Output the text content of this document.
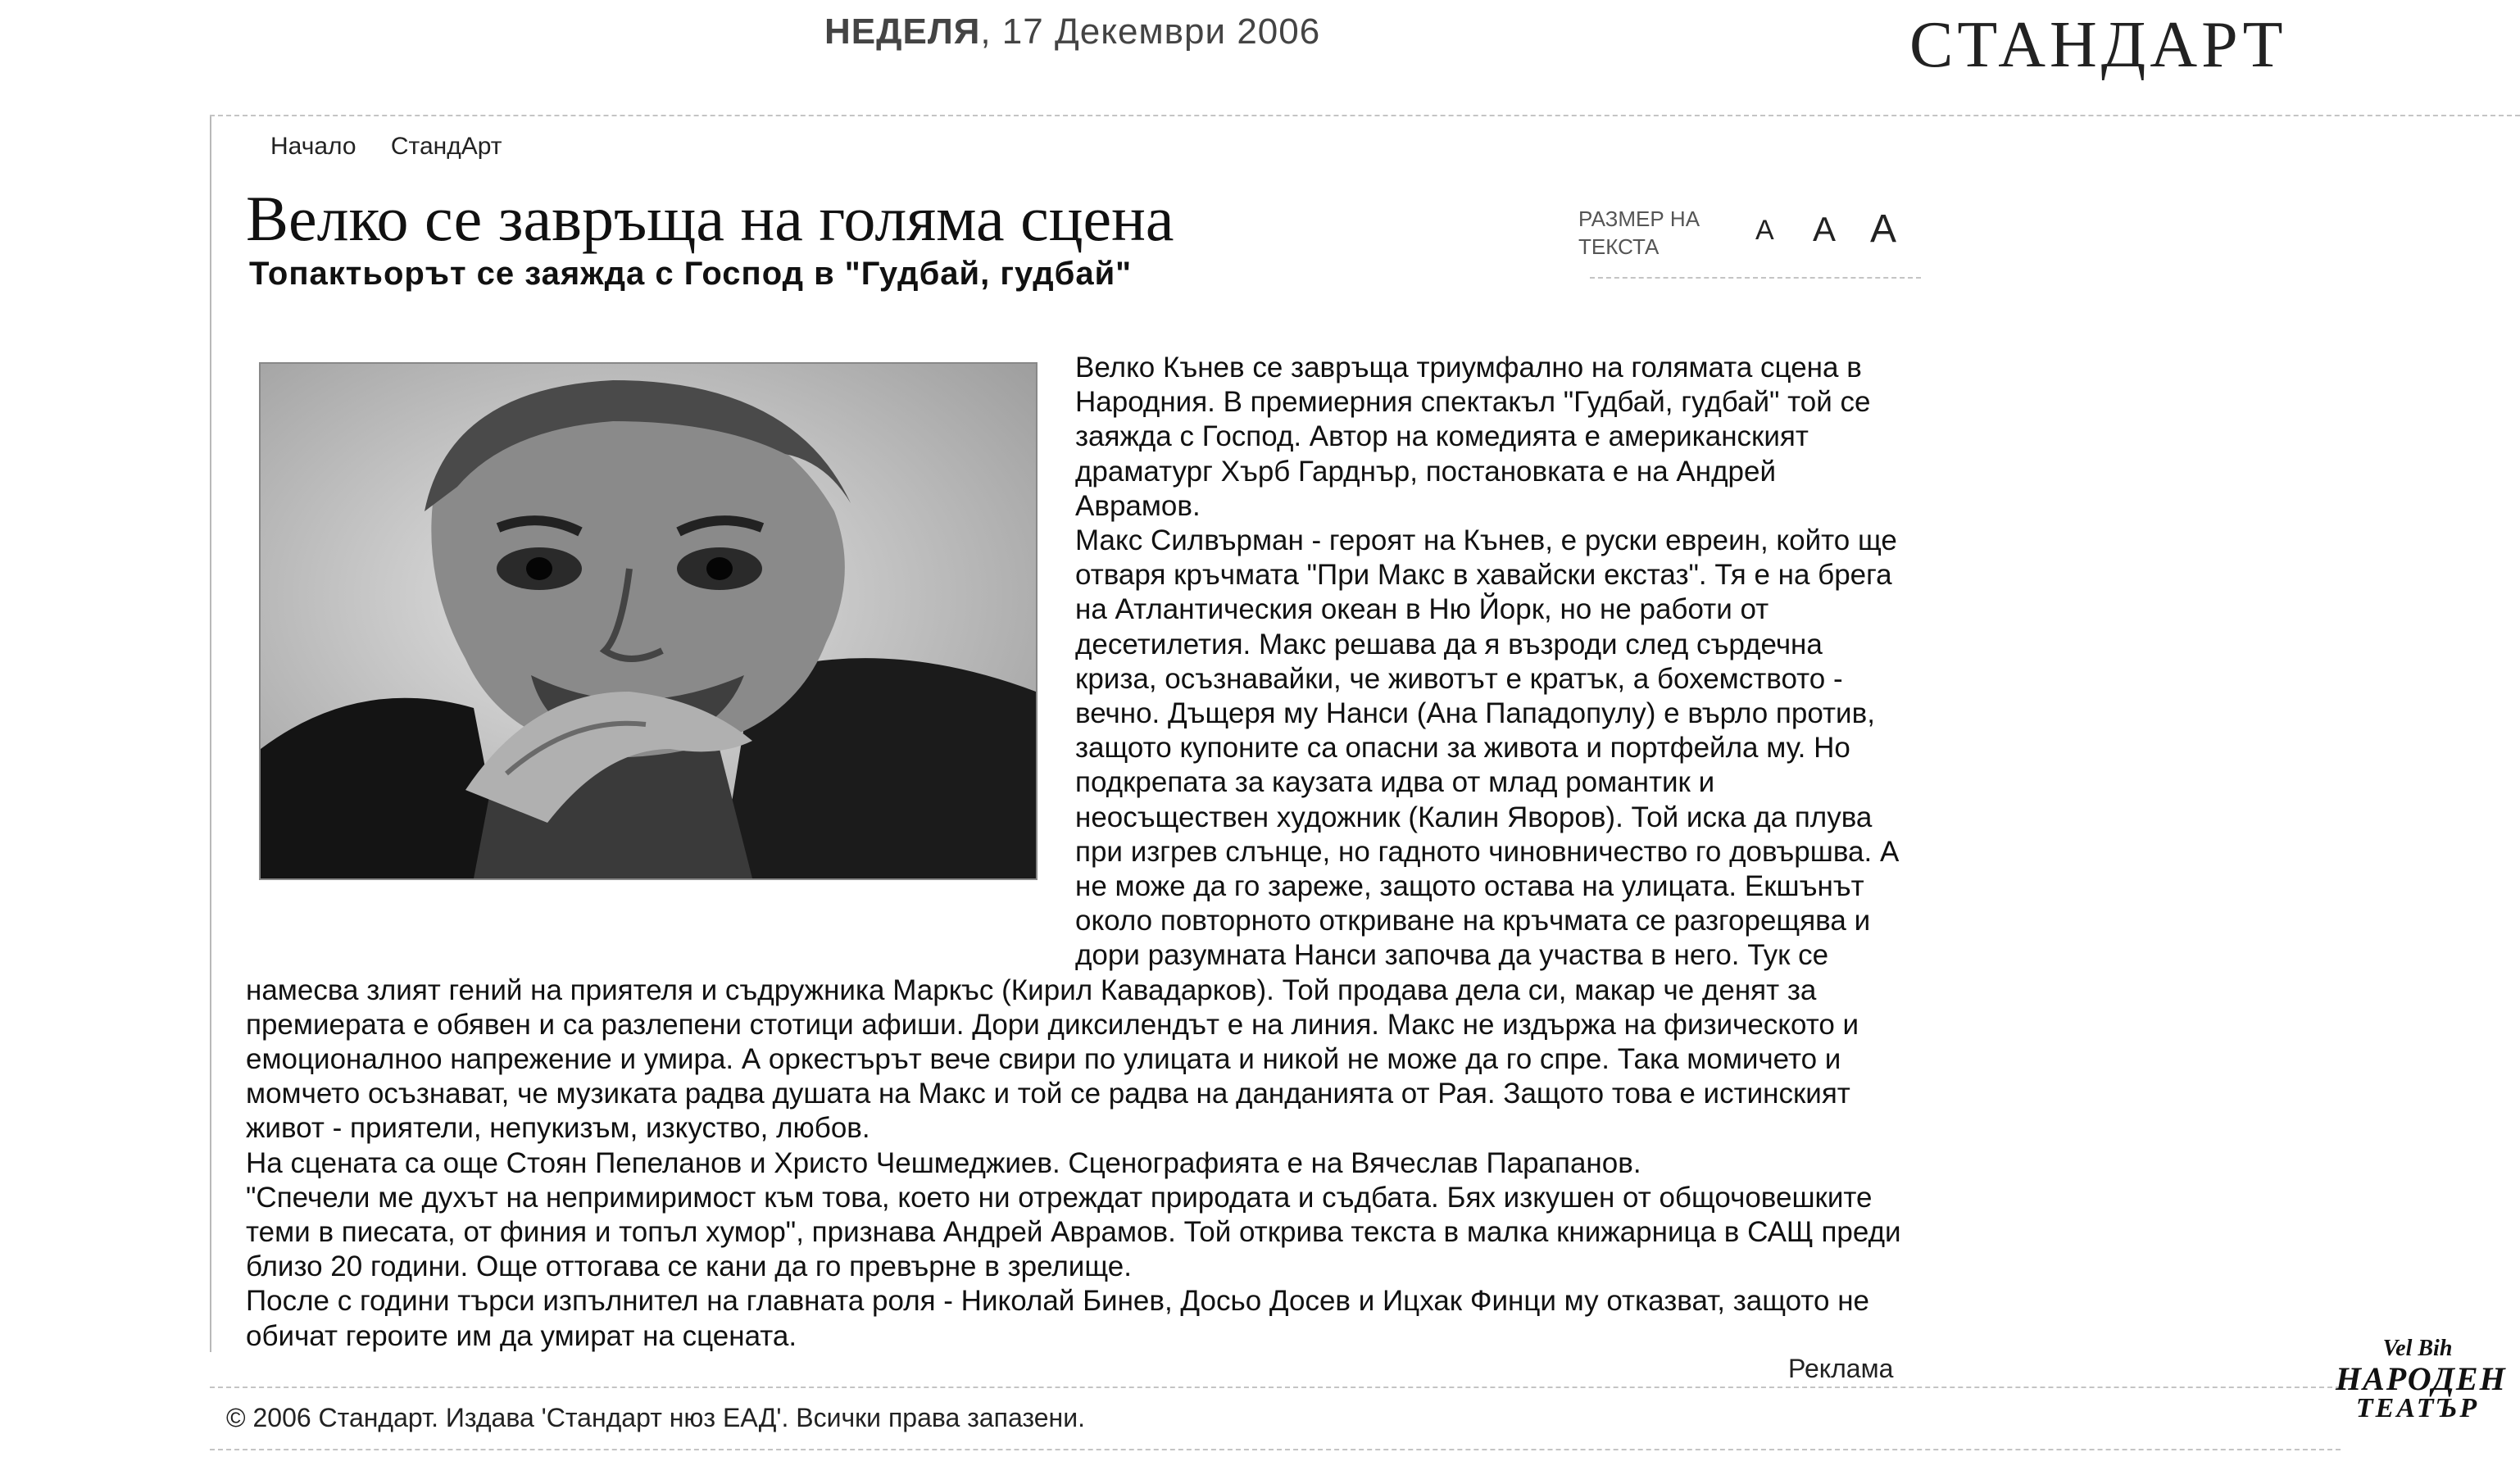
НЕДЕЛЯ, 17 Декември 2006	СТАНДАРТ
Начало СтандАрт
Велко се завръща на голяма сцена
Топактьорът се заяжда с Господ в "Гудбай, гудбай"
РАЗМЕР НА ТЕКСТА
A A A

Велко Кънев се завръща триумфално на голямата сцена в Народния. В премиерния спектакъл "Гудбай, гудбай" той се заяжда с Господ. Автор на комедията е американският драматург Хърб Гарднър, постановката е на Андрей Аврамов.

Макс Силвърман - героят на Кънев, е руски евреин, който ще отваря кръчмата "При Макс в хавайски екстаз". Тя е на брега на Атлантическия океан в Ню Йорк, но не работи от десетилетия. Макс решава да я възроди след сърдечна криза, осъзнавайки, че животът е кратък, а бохемството - вечно. Дъщеря му Нанси (Ана Пападопулу) е върло против, защото купоните са опасни за живота и портфейла му. Но подкрепата за каузата идва от млад романтик и неосъществен художник (Калин Яворов). Той иска да плува при изгрев слънце, но гадното чиновничество го довършва. А не може да го зареже, защото остава на улицата. Екшънът около повторното откриване на кръчмата се разгорещява и дори разумната Нанси започва да участва в него. Тук се намесва злият гений на приятеля и съдружника Маркъс (Кирил Кавадарков). Той продава дела си, макар че денят за премиерата е обявен и са разлепени стотици афиши. Дори диксилендът е на линия. Макс не издържа на физическото и емоционалноо напрежение и умира. А оркестърът вече свири по улицата и никой не може да го спре. Така момичето и момчето осъзнават, че музиката радва душата на Макс и той се радва на данданията от Рая. Защото това е истинският живот - приятели, непукизъм, изкуство, любов.

На сцената са още Стоян Пепеланов и Христо Чешмеджиев. Сценографията е на Вячеслав Парапанов.

"Спечели ме духът на непримиримост към това, което ни отреждат природата и съдбата. Бях изкушен от общочовешките теми в пиесата, от финия и топъл хумор", признава Андрей Аврамов. Той открива текста в малка книжарница в САЩ преди близо 20 години. Още оттогава се кани да го превърне в зрелище.

После с години търси изпълнител на главната роля - Николай Бинев, Досьо Досев и Ицхак Финци му отказват, защото не обичат героите им да умират на сцената.

Реклама
© 2006 Стандарт. Издава 'Стандарт нюз ЕАД'. Всички права запазени.
Vel Bih
НАРОДЕН
ТЕАТЪР
